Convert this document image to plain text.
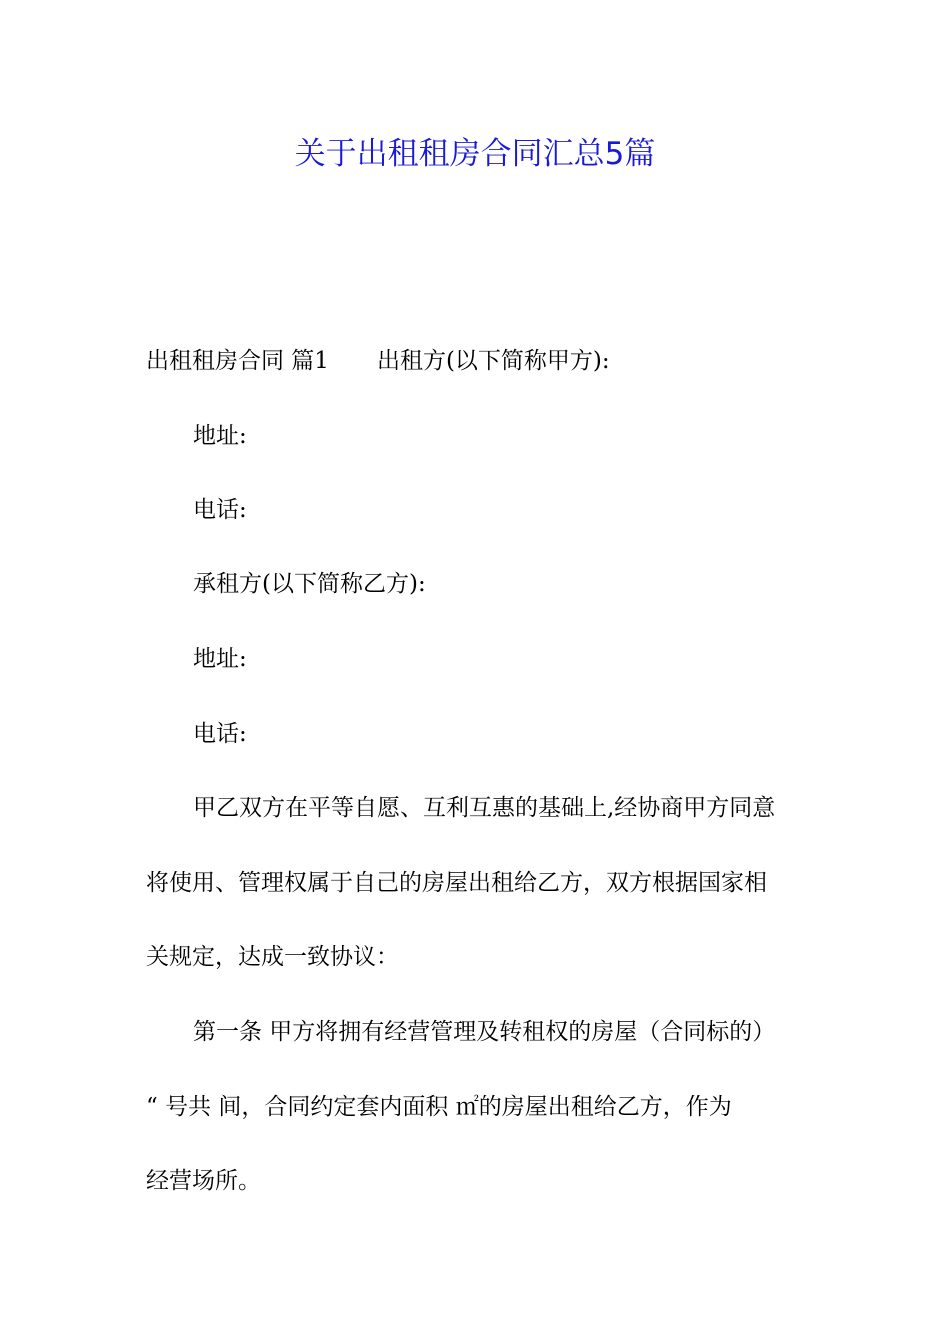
关于出租租房合同汇总5篇

出租租房合同 篇1 出租方(以下简称甲方):

地址:

电话:

承租方(以下简称乙方):

地址:

电话:

甲乙双方在平等自愿、互利互惠的基础上,经协商甲方同意

将使用、管理权属于自己的房屋出租给乙方，双方根据国家相

关规定，达成一致协议：

第一条 甲方将拥有经营管理及转租权的房屋（合同标的）

“ 号共 间，合同约定套内面积 ㎡的房屋出租给乙方，作为

经营场所。
